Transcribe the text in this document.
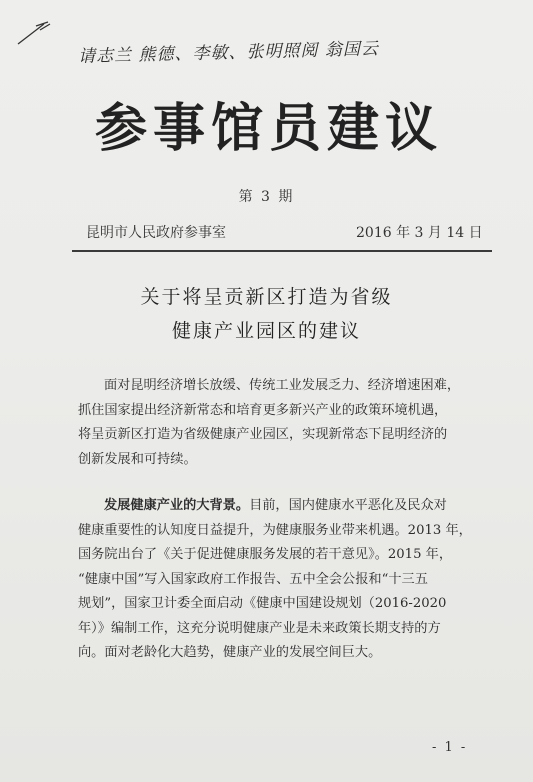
请志兰 熊德、李敏、张明照阅 翁国云
参事馆员建议
第 3 期
昆明市人民政府参事室	2016 年 3 月 14 日
关于将呈贡新区打造为省级
健康产业园区的建议
面对昆明经济增长放缓、传统工业发展乏力、经济增速困难，
抓住国家提出经济新常态和培育更多新兴产业的政策环境机遇，
将呈贡新区打造为省级健康产业园区，实现新常态下昆明经济的
创新发展和可持续。
发展健康产业的大背景。目前，国内健康水平恶化及民众对
健康重要性的认知度日益提升，为健康服务业带来机遇。2013 年，
国务院出台了《关于促进健康服务发展的若干意见》。2015 年，
“健康中国”写入国家政府工作报告、五中全会公报和“十三五
规划”，国家卫计委全面启动《健康中国建设规划（2016-2020
年）》编制工作，这充分说明健康产业是未来政策长期支持的方
向。面对老龄化大趋势，健康产业的发展空间巨大。
- 1 -
